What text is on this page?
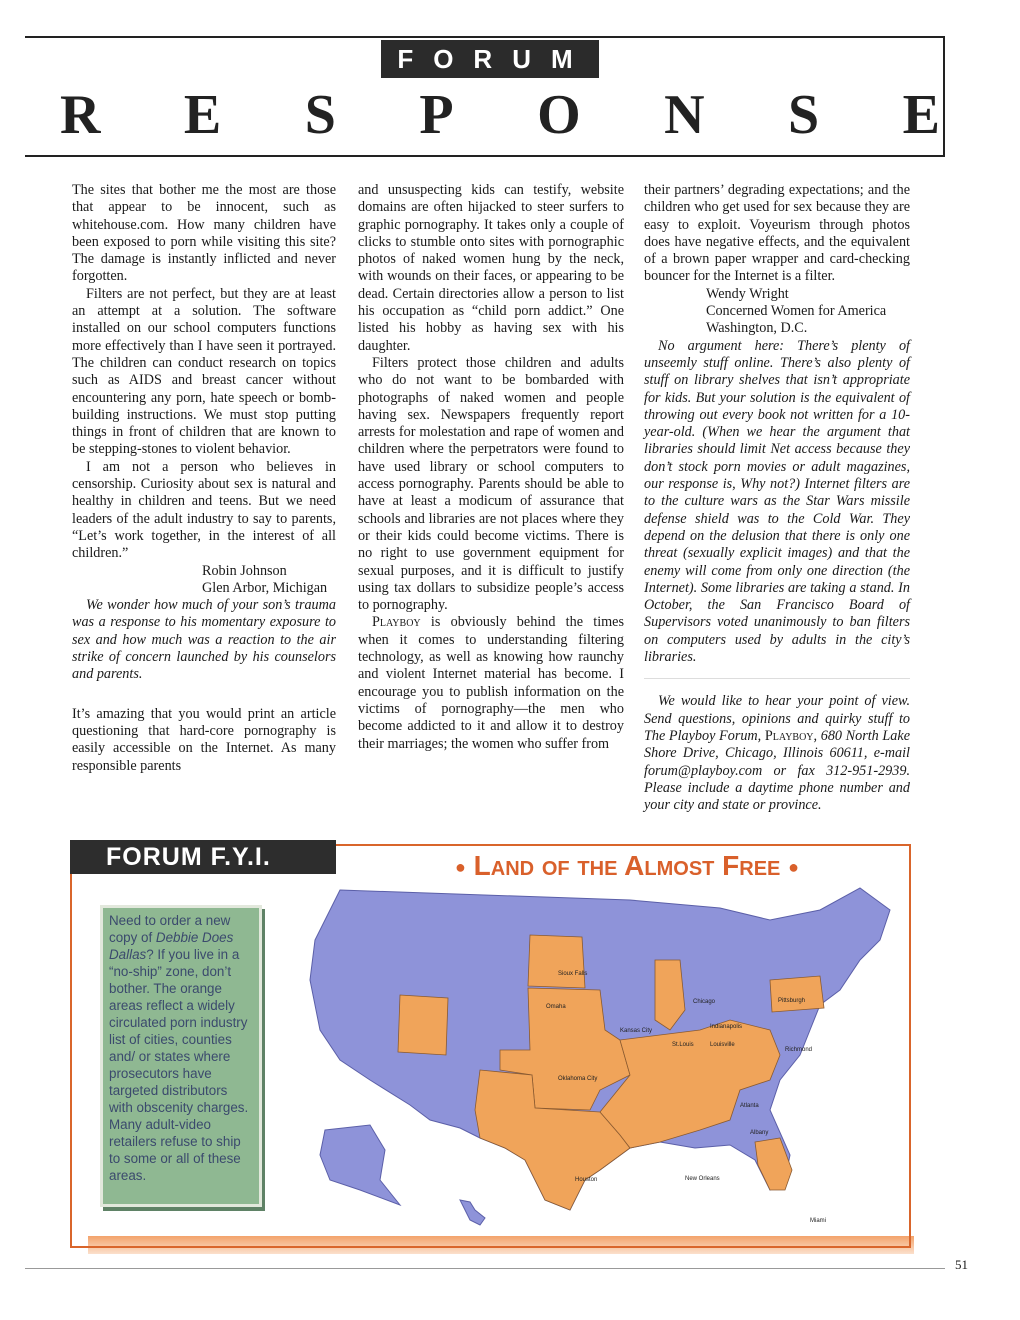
FORUM
R E S P O N S E

The sites that bother me the most are those that appear to be innocent, such as whitehouse.com. How many children have been exposed to porn while visiting this site? The damage is instantly inflicted and never forgotten.

Filters are not perfect, but they are at least an attempt at a solution. The software installed on our school computers functions more effectively than I have seen it portrayed. The children can conduct research on topics such as AIDS and breast cancer without encountering any porn, hate speech or bomb-building instructions. We must stop putting things in front of children that are known to be stepping-stones to violent behavior.

I am not a person who believes in censorship. Curiosity about sex is natural and healthy in children and teens. But we need leaders of the adult industry to say to parents, “Let’s work together, in the interest of all children.”

Robin Johnson

Glen Arbor, Michigan

We wonder how much of your son’s trauma was a response to his momentary exposure to sex and how much was a reaction to the air strike of concern launched by his counselors and parents.

It’s amazing that you would print an article questioning that hard-core pornography is easily accessible on the Internet. As many responsible parents

and unsuspecting kids can testify, website domains are often hijacked to steer surfers to graphic pornography. It takes only a couple of clicks to stumble onto sites with pornographic photos of naked women hung by the neck, with wounds on their faces, or appearing to be dead. Certain directories allow a person to list his occupation as “child porn addict.” One listed his hobby as having sex with his daughter.

Filters protect those children and adults who do not want to be bombarded with photographs of naked women and people having sex. Newspapers frequently report arrests for molestation and rape of women and children where the perpetrators were found to have used library or school computers to access pornography. Parents should be able to have at least a modicum of assurance that schools and libraries are not places where they or their kids could become victims. There is no right to use government equipment for sexual purposes, and it is difficult to justify using tax dollars to subsidize people’s access to pornography.

Playboy is obviously behind the times when it comes to understanding filtering technology, as well as knowing how raunchy and violent Internet material has become. I encourage you to publish information on the victims of pornography—the men who become addicted to it and allow it to destroy their marriages; the women who suffer from

their partners’ degrading expectations; and the children who get used for sex because they are easy to exploit. Voyeurism through photos does have negative effects, and the equivalent of a brown paper wrapper and card-checking bouncer for the Internet is a filter.

Wendy Wright

Concerned Women for America

Washington, D.C.

No argument here: There’s plenty of unseemly stuff online. There’s also plenty of stuff on library shelves that isn’t appropriate for kids. But your solution is the equivalent of throwing out every book not written for a 10-year-old. (When we hear the argument that libraries should limit Net access because they don’t stock porn movies or adult magazines, our response is, Why not?) Internet filters are to the culture wars as the Star Wars missile defense shield was to the Cold War. They depend on the delusion that there is only one threat (sexually explicit images) and that the enemy will come from only one direction (the Internet). Some libraries are taking a stand. In October, the San Francisco Board of Supervisors voted unanimously to ban filters on computers used by adults in the city’s libraries.

We would like to hear your point of view. Send questions, opinions and quirky stuff to The Playboy Forum, Playboy, 680 North Lake Shore Drive, Chicago, Illinois 60611, e-mail forum@playboy.com or fax 312-951-2939. Please include a daytime phone number and your city and state or province.

FORUM F.Y.I.	● Land of the Almost Free ●
Sioux Falls
Omaha
Chicago	Pittsburgh
Indianapolis
Kansas City
St.Louis	Louisville
Richmond
Oklahoma City
Atlanta
Albany
Houston	New Orleans
Miami
Need to order a new copy of Debbie Does Dallas? If you live in a “no-ship” zone, don’t bother. The orange areas reflect a widely circulated porn industry list of cities, counties and/ or states where prosecutors have targeted distributors with obscenity charges. Many adult-video retailers refuse to ship to some or all of these areas.
51
